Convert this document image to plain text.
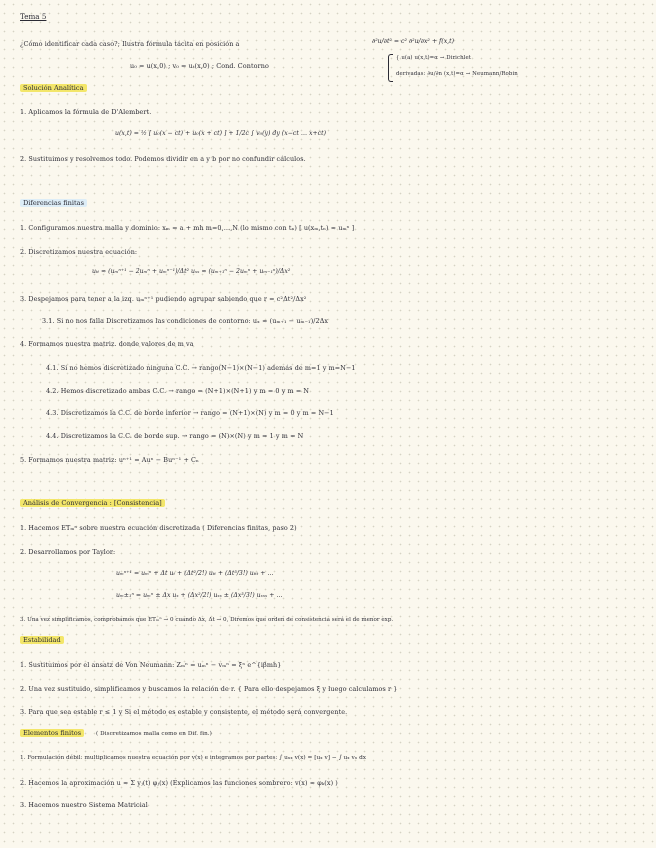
Tema 5
¿Cómo identificar cada caso?; Ilustra fórmula tácita en posición a	∂²u/∂t² = c² ∂²u/∂x² + f(x,t)
u₀ = u(x,0) ; v₀ = uₜ(x,0) ; Cond. Contorno
{ u(a) u(x,t)=α → Dirichlet
derivadas: ∂u/∂n (x,t)=α → Neumann/Robin
Solución Analítica
1. Aplicamos la fórmula de D'Alembert.
u(x,t) = ½ [ u₀(x − ct) + u₀(x + ct) ] + 1/2c ∫ v₀(y) dy (x−ct … x+ct)
2. Sustituimos y resolvemos todo. Podemos dividir en a y b por no confundir cálculos.
Diferencias finitas
1. Configuramos nuestra malla y dominio: xₘ = a + mh m=0,…,N (lo mismo con tₙ) [ u(xₘ,tₙ) ≈ uₘⁿ ]
2. Discretizamos nuestra ecuación:
uₜₜ ≈ (uₘⁿ⁺¹ − 2uₘⁿ + uₘⁿ⁻¹)/Δt² uₓₓ ≈ (uₘ₊₁ⁿ − 2uₘⁿ + uₘ₋₁ⁿ)/Δx²
3. Despejamos para tener a la izq. uₘⁿ⁺¹ pudiendo agrupar sabiendo que r = c²Δt²/Δx²
3.1. Si no nos falla Discretizamos las condiciones de contorno: uₓ ≈ (uₘ₊₁ − uₘ₋₁)/2Δx
4. Formamos nuestra matriz. donde valores de m va
4.1. Si no hemos discretizado ninguna C.C. → rango(N−1)×(N−1) además de m=1 y m=N−1
4.2. Hemos discretizado ambas C.C. → rango = (N+1)×(N+1) y m = 0 y m = N
4.3. Discretizamos la C.C. de borde inferior → rango = (N+1)×(N) y m = 0 y m = N−1
4.4. Discretizamos la C.C. de borde sup. → rango = (N)×(N) y m = 1 y m = N
5. Formamos nuestra matriz: uⁿ⁺¹ = Auⁿ − Buⁿ⁻¹ + Cₙ
Análisis de Convergencia : [Consistencia]
1. Hacemos ETₘⁿ sobre nuestra ecuación discretizada ( Diferencias finitas, paso 2)
2. Desarrollamos por Taylor:
uₘⁿ⁺¹ = uₘⁿ + Δt uₜ + (Δt²/2!) uₜₜ + (Δt³/3!) uₜₜₜ + …
uₘ±₁ⁿ = uₘⁿ ± Δx uₓ + (Δx²/2!) uₓₓ ± (Δx³/3!) uₓₓₓ + …
3. Una vez simplificamos, comprobamos que ETₘⁿ → 0 cuando Δx, Δt → 0, Diremos que orden de consistencia será el de menor exp.
Estabilidad
1. Sustituimos por el ansatz de Von Neumann: Zₘⁿ = uₘⁿ − vₘⁿ = ξⁿ e^{iβmh}
2. Una vez sustituido, simplificamos y buscamos la relación de r. { Para ello despejamos ξ y luego calculamos r }
3. Para que sea estable r ≤ 1 y Si el método es estable y consistente, el método será convergente.
Elementos finitos	( Discretizamos malla como en Dif. fin.)
1. Formulación débil: multiplicamos nuestra ecuación por v(x) e integramos por partes: ∫ uₓₓ v(x) = [uₓ v] − ∫ uₓ vₓ dx
2. Hacemos la aproximación u ≈ Σ yⱼ(t) φⱼ(x) (Explicamos las funciones sombrero: v(x) ≈ φₖ(x) )
3. Hacemos nuestro Sistema Matricial
